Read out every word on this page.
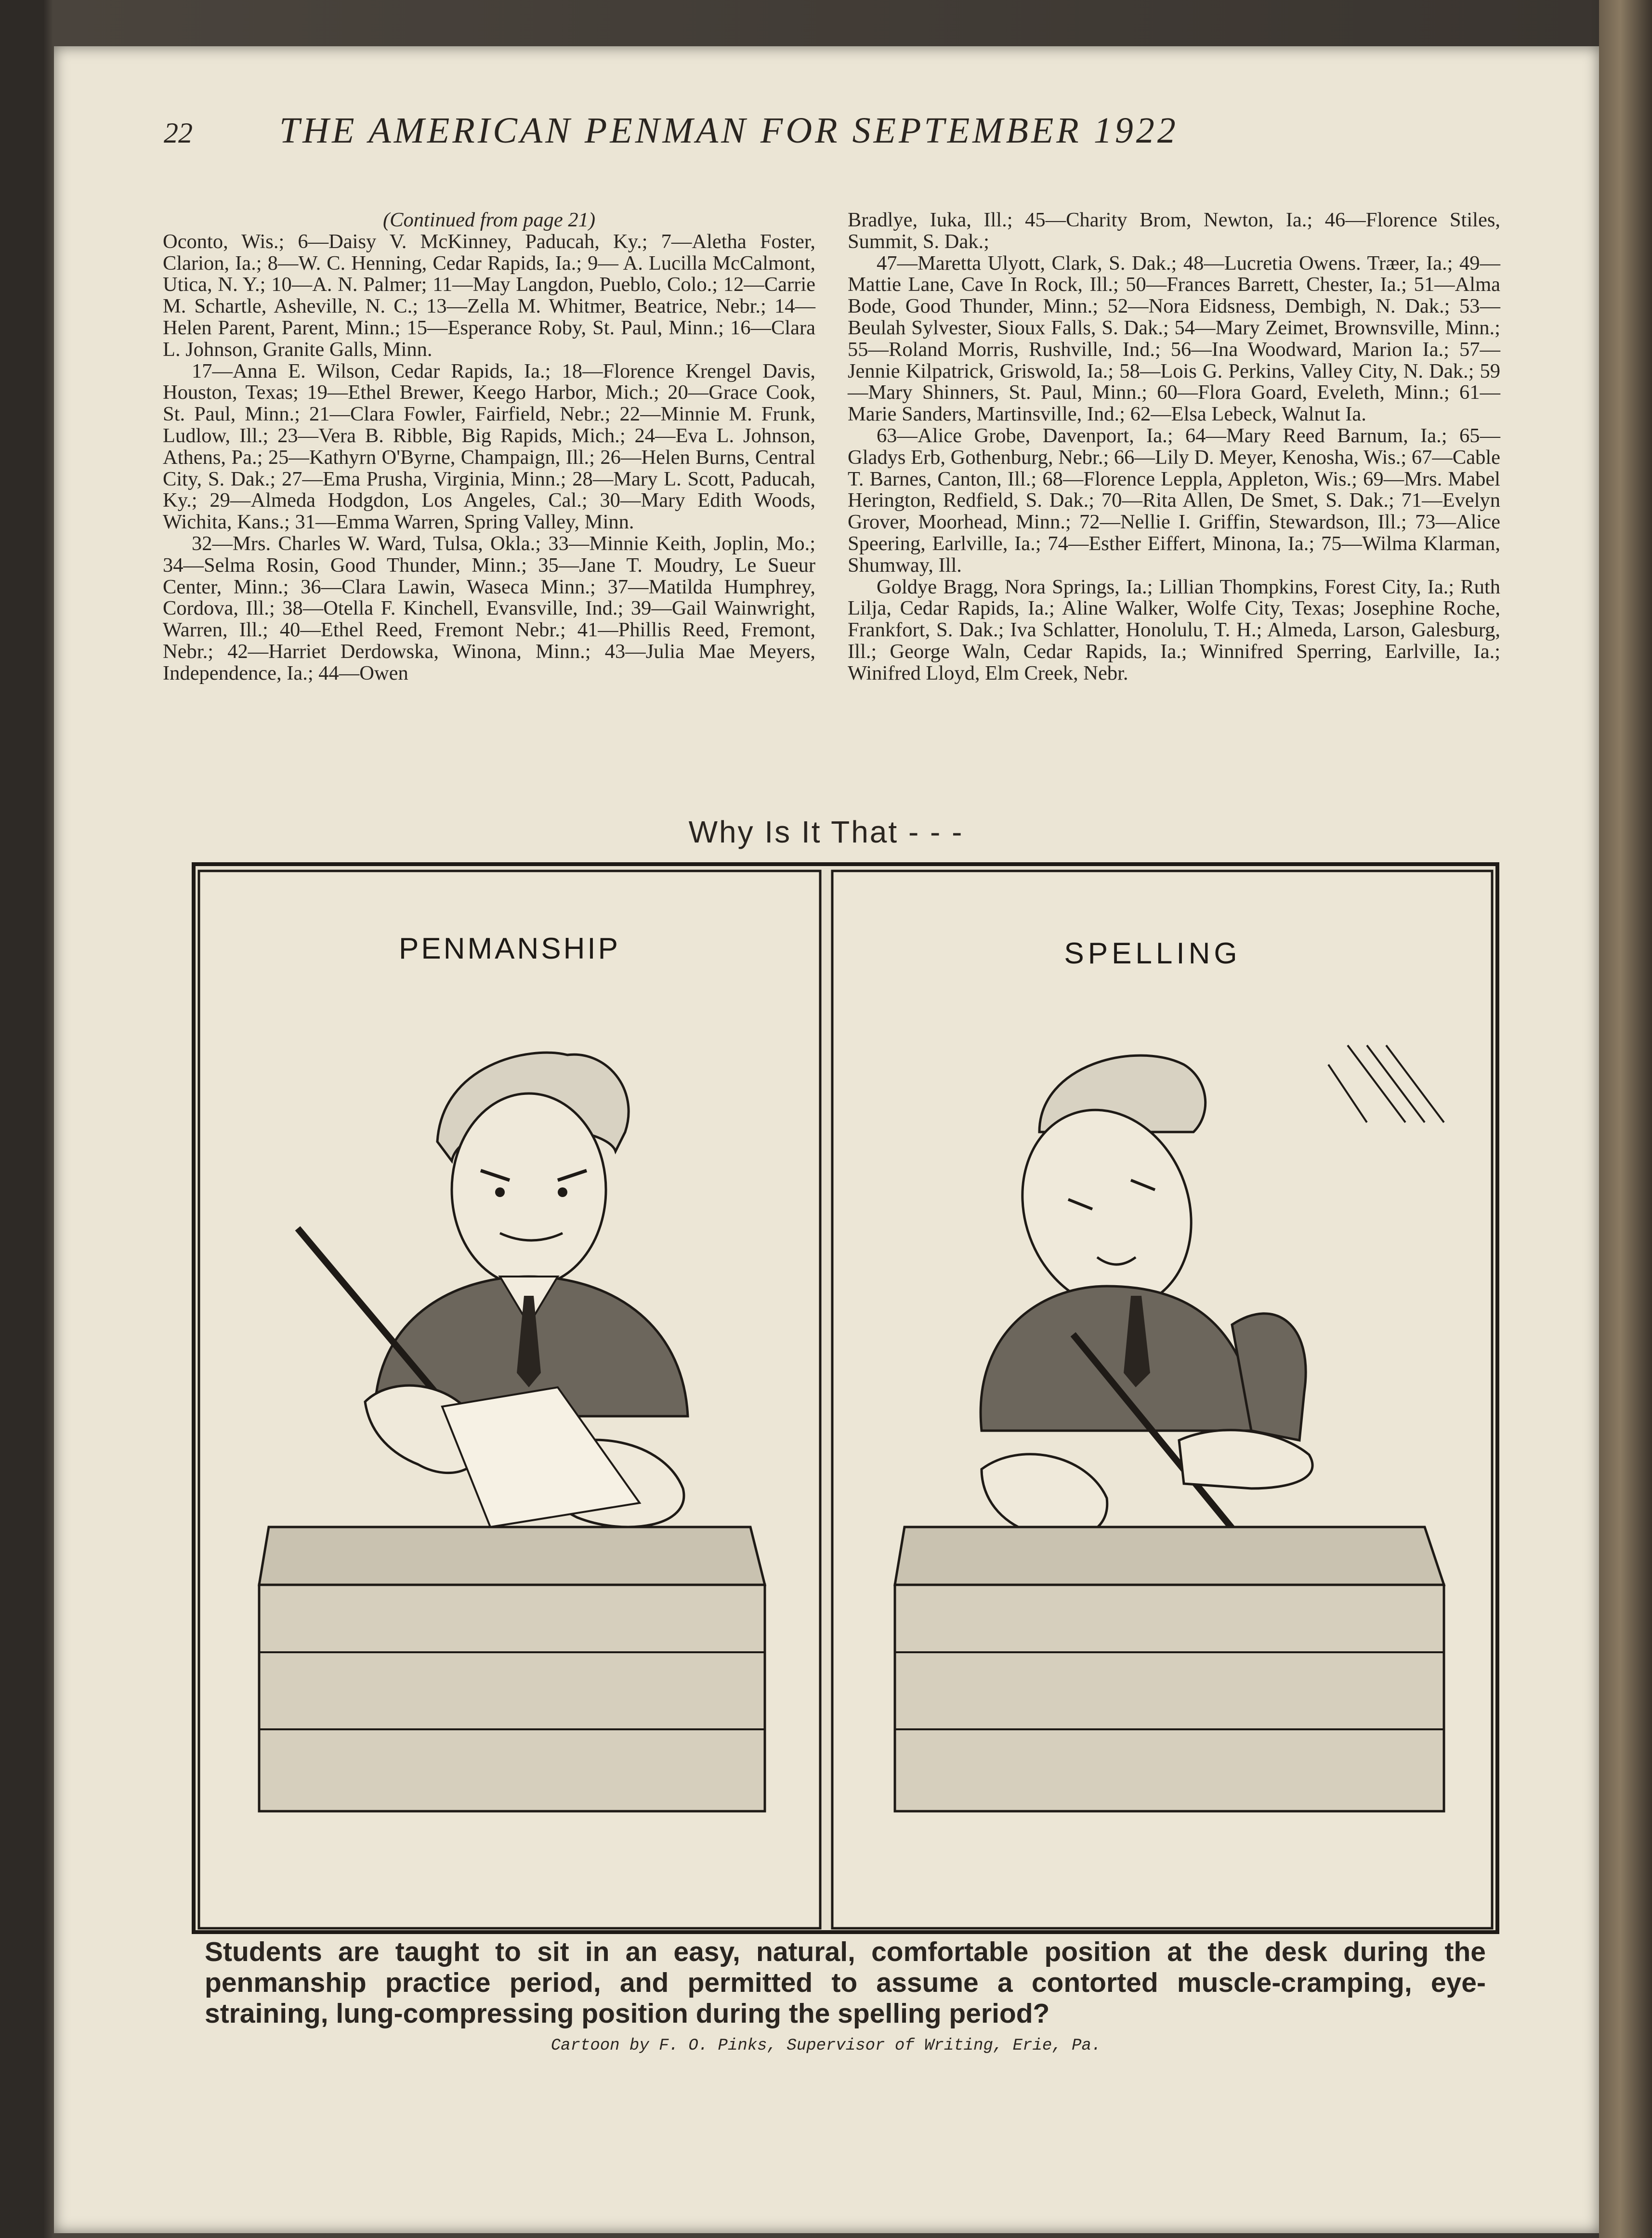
22 THE AMERICAN PENMAN FOR SEPTEMBER 1922
(Continued from page 21)

Oconto, Wis.; 6—Daisy V. McKinney, Paducah, Ky.; 7—Aletha Foster, Clarion, Ia.; 8—W. C. Henning, Cedar Rapids, Ia.; 9— A. Lucilla McCalmont, Utica, N. Y.; 10—A. N. Palmer; 11—May Langdon, Pueblo, Colo.; 12—Carrie M. Schartle, Asheville, N. C.; 13—Zella M. Whitmer, Beatrice, Nebr.; 14—Helen Parent, Parent, Minn.; 15—Esperance Roby, St. Paul, Minn.; 16—Clara L. Johnson, Granite Galls, Minn.

17—Anna E. Wilson, Cedar Rapids, Ia.; 18—Florence Krengel Davis, Houston, Texas; 19—Ethel Brewer, Keego Harbor, Mich.; 20—Grace Cook, St. Paul, Minn.; 21—Clara Fowler, Fairfield, Nebr.; 22—Minnie M. Frunk, Ludlow, Ill.; 23—Vera B. Ribble, Big Rapids, Mich.; 24—Eva L. Johnson, Athens, Pa.; 25—Kathyrn O'Byrne, Champaign, Ill.; 26—Helen Burns, Central City, S. Dak.; 27—Ema Prusha, Virginia, Minn.; 28—Mary L. Scott, Paducah, Ky.; 29—Almeda Hodgdon, Los Angeles, Cal.; 30—Mary Edith Woods, Wichita, Kans.; 31—Emma Warren, Spring Valley, Minn.

32—Mrs. Charles W. Ward, Tulsa, Okla.; 33—Minnie Keith, Joplin, Mo.; 34—Selma Rosin, Good Thunder, Minn.; 35—Jane T. Moudry, Le Sueur Center, Minn.; 36—Clara Lawin, Waseca Minn.; 37—Matilda Humphrey, Cordova, Ill.; 38—Otella F. Kinchell, Evansville, Ind.; 39—Gail Wainwright, Warren, Ill.; 40—Ethel Reed, Fremont Nebr.; 41—Phillis Reed, Fremont, Nebr.; 42—Harriet Derdowska, Winona, Minn.; 43—Julia Mae Meyers, Independence, Ia.; 44—Owen

Bradlye, Iuka, Ill.; 45—Charity Brom, Newton, Ia.; 46—Florence Stiles, Summit, S. Dak.;

47—Maretta Ulyott, Clark, S. Dak.; 48—Lucretia Owens. Træer, Ia.; 49—Mattie Lane, Cave In Rock, Ill.; 50—Frances Barrett, Chester, Ia.; 51—Alma Bode, Good Thunder, Minn.; 52—Nora Eidsness, Dembigh, N. Dak.; 53—Beulah Sylvester, Sioux Falls, S. Dak.; 54—Mary Zeimet, Brownsville, Minn.; 55—Roland Morris, Rushville, Ind.; 56—Ina Woodward, Marion Ia.; 57—Jennie Kilpatrick, Griswold, Ia.; 58—Lois G. Perkins, Valley City, N. Dak.; 59—Mary Shinners, St. Paul, Minn.; 60—Flora Goard, Eveleth, Minn.; 61—Marie Sanders, Martinsville, Ind.; 62—Elsa Lebeck, Walnut Ia.

63—Alice Grobe, Davenport, Ia.; 64—Mary Reed Barnum, Ia.; 65—Gladys Erb, Gothenburg, Nebr.; 66—Lily D. Meyer, Kenosha, Wis.; 67—Cable T. Barnes, Canton, Ill.; 68—Florence Leppla, Appleton, Wis.; 69—Mrs. Mabel Herington, Redfield, S. Dak.; 70—Rita Allen, De Smet, S. Dak.; 71—Evelyn Grover, Moorhead, Minn.; 72—Nellie I. Griffin, Stewardson, Ill.; 73—Alice Speering, Earlville, Ia.; 74—Esther Eiffert, Minona, Ia.; 75—Wilma Klarman, Shumway, Ill.

Goldye Bragg, Nora Springs, Ia.; Lillian Thompkins, Forest City, Ia.; Ruth Lilja, Cedar Rapids, Ia.; Aline Walker, Wolfe City, Texas; Josephine Roche, Frankfort, S. Dak.; Iva Schlatter, Honolulu, T. H.; Almeda, Larson, Galesburg, Ill.; George Waln, Cedar Rapids, Ia.; Winnifred Sperring, Earlville, Ia.; Winifred Lloyd, Elm Creek, Nebr.

Why Is It That - - -
PENMANSHIP	SPELLING
Students are taught to sit in an easy, natural, comfortable position at the desk during the penmanship practice period, and permitted to assume a contorted muscle-cramping, eye-straining, lung-compressing position during the spelling period?
Cartoon by F. O. Pinks, Supervisor of Writing, Erie, Pa.
